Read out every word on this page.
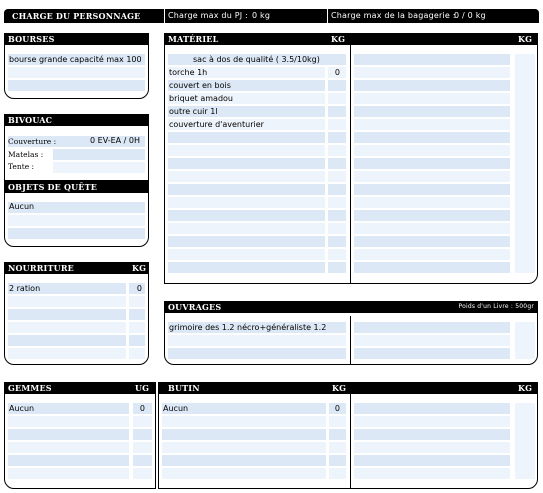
CHARGE DU PERSONNAGE	Charge max du PJ : 0 kg	Charge max de la bagagerie :
0 / 0 kg
BOURSES
bourse grande capacité max 100
BIVOUAC
Couverture :	0 EV-EA / 0H
Matelas :
Tente :
OBJETS DE QUÊTE
Aucun
NOURRITURE	KG
2 ration	0
MATÉRIEL	KG	KG
sac à dos de qualité ( 3.5/10kg)
torche 1h	0
couvert en bois
briquet amadou
outre cuir 1l
couverture d'aventurier
OUVRAGES	Poids d'un Livre : 500gr
grimoire des 1.2 nécro+généraliste 1.2
GEMMES	UG
Aucun	0
BUTIN	KG	KG
Aucun	0
